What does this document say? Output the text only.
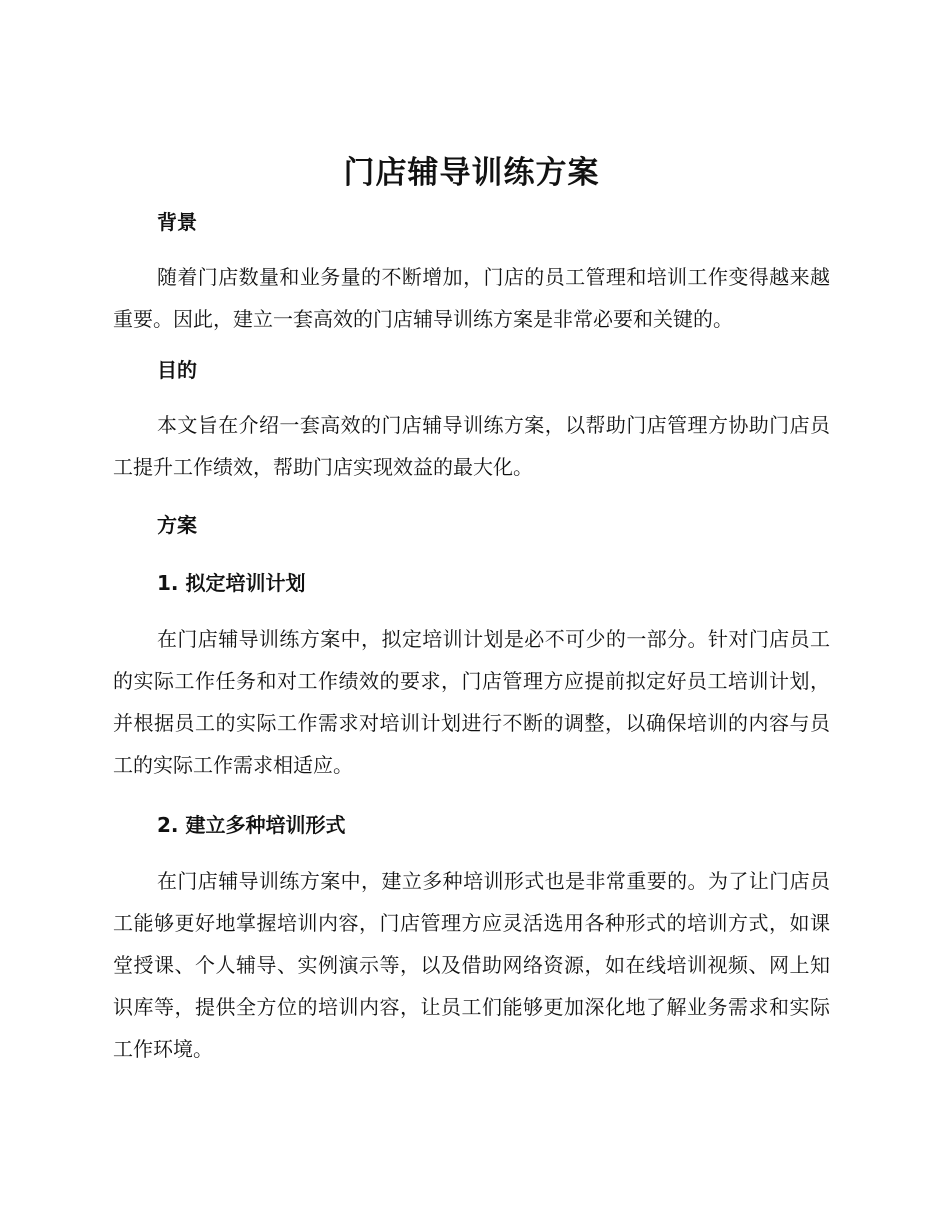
门店辅导训练方案
背景

随着门店数量和业务量的不断增加，门店的员工管理和培训工作变得越来越重要。因此，建立一套高效的门店辅导训练方案是非常必要和关键的。

目的

本文旨在介绍一套高效的门店辅导训练方案，以帮助门店管理方协助门店员工提升工作绩效，帮助门店实现效益的最大化。

方案
1. 拟定培训计划

在门店辅导训练方案中，拟定培训计划是必不可少的一部分。针对门店员工的实际工作任务和对工作绩效的要求，门店管理方应提前拟定好员工培训计划，并根据员工的实际工作需求对培训计划进行不断的调整，以确保培训的内容与员工的实际工作需求相适应。

2. 建立多种培训形式

在门店辅导训练方案中，建立多种培训形式也是非常重要的。为了让门店员工能够更好地掌握培训内容，门店管理方应灵活选用各种形式的培训方式，如课堂授课、个人辅导、实例演示等，以及借助网络资源，如在线培训视频、网上知识库等，提供全方位的培训内容，让员工们能够更加深化地了解业务需求和实际工作环境。
